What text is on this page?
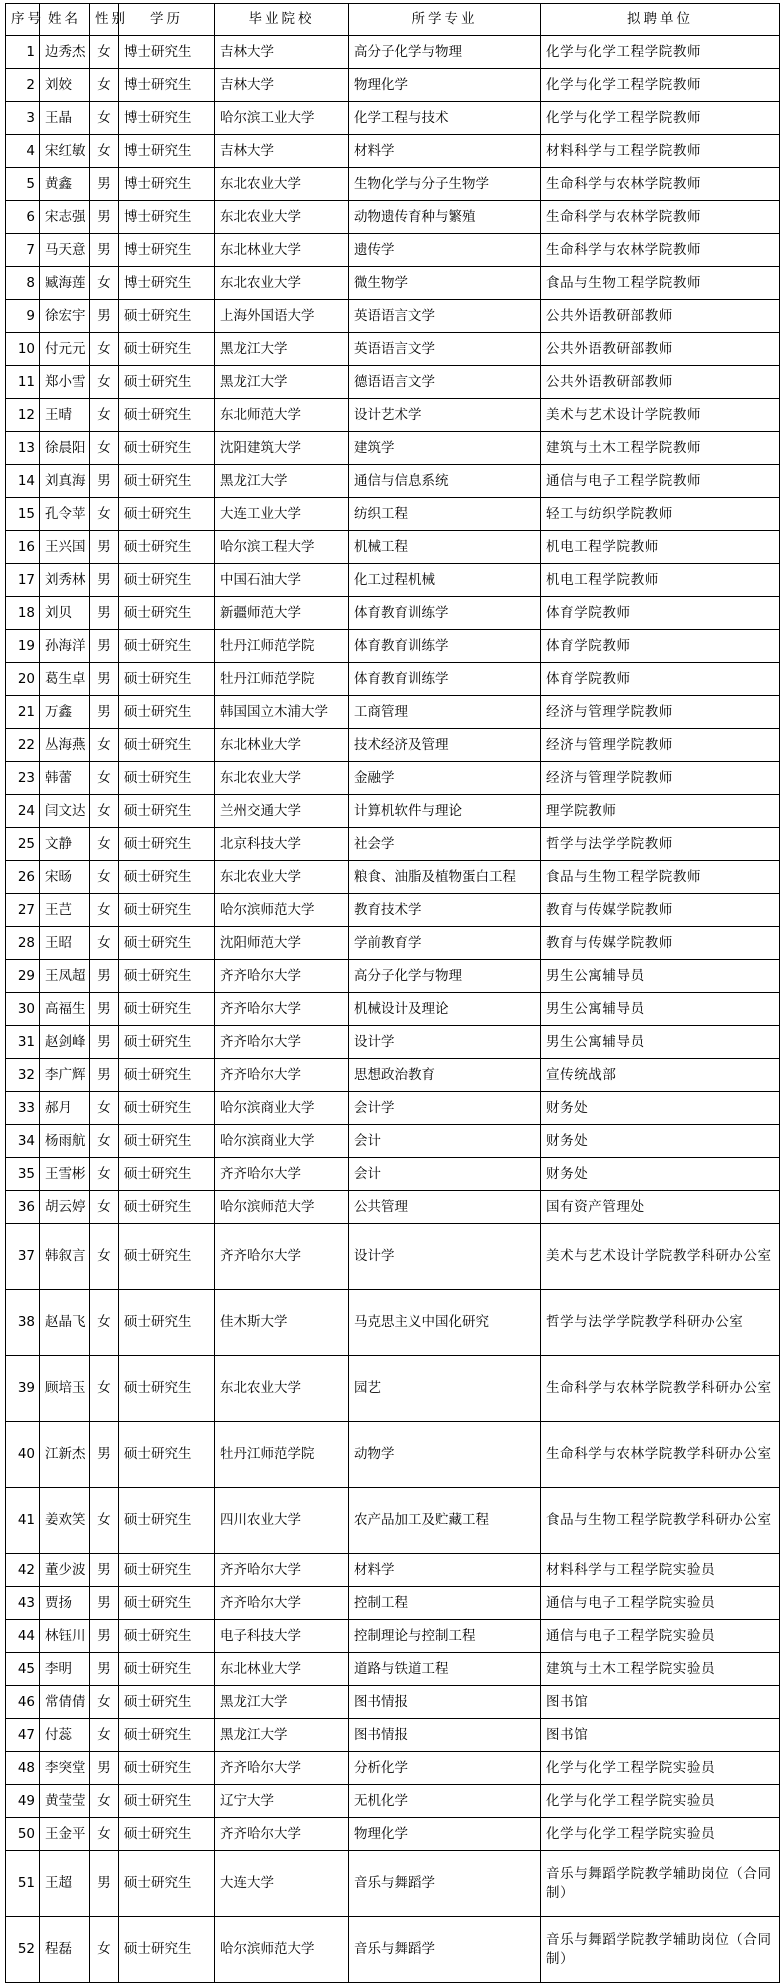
序号	姓名	性别	学历	毕业院校	所学专业	拟聘单位
1	边秀杰	女	博士研究生	吉林大学	高分子化学与物理	化学与化学工程学院教师
2	刘姣	女	博士研究生	吉林大学	物理化学	化学与化学工程学院教师
3	王晶	女	博士研究生	哈尔滨工业大学	化学工程与技术	化学与化学工程学院教师
4	宋红敏	女	博士研究生	吉林大学	材料学	材料科学与工程学院教师
5	黄鑫	男	博士研究生	东北农业大学	生物化学与分子生物学	生命科学与农林学院教师
6	宋志强	男	博士研究生	东北农业大学	动物遗传育种与繁殖	生命科学与农林学院教师
7	马天意	男	博士研究生	东北林业大学	遗传学	生命科学与农林学院教师
8	臧海莲	女	博士研究生	东北农业大学	微生物学	食品与生物工程学院教师
9	徐宏宇	男	硕士研究生	上海外国语大学	英语语言文学	公共外语教研部教师
10	付元元	女	硕士研究生	黑龙江大学	英语语言文学	公共外语教研部教师
11	郑小雪	女	硕士研究生	黑龙江大学	德语语言文学	公共外语教研部教师
12	王晴	女	硕士研究生	东北师范大学	设计艺术学	美术与艺术设计学院教师
13	徐晨阳	女	硕士研究生	沈阳建筑大学	建筑学	建筑与土木工程学院教师
14	刘真海	男	硕士研究生	黑龙江大学	通信与信息系统	通信与电子工程学院教师
15	孔令苹	女	硕士研究生	大连工业大学	纺织工程	轻工与纺织学院教师
16	王兴国	男	硕士研究生	哈尔滨工程大学	机械工程	机电工程学院教师
17	刘秀林	男	硕士研究生	中国石油大学	化工过程机械	机电工程学院教师
18	刘贝	男	硕士研究生	新疆师范大学	体育教育训练学	体育学院教师
19	孙海洋	男	硕士研究生	牡丹江师范学院	体育教育训练学	体育学院教师
20	葛生卓	男	硕士研究生	牡丹江师范学院	体育教育训练学	体育学院教师
21	万鑫	男	硕士研究生	韩国国立木浦大学	工商管理	经济与管理学院教师
22	丛海燕	女	硕士研究生	东北林业大学	技术经济及管理	经济与管理学院教师
23	韩蕾	女	硕士研究生	东北农业大学	金融学	经济与管理学院教师
24	闫文达	女	硕士研究生	兰州交通大学	计算机软件与理论	理学院教师
25	文静	女	硕士研究生	北京科技大学	社会学	哲学与法学学院教师
26	宋旸	女	硕士研究生	东北农业大学	粮食、油脂及植物蛋白工程	食品与生物工程学院教师
27	王芑	女	硕士研究生	哈尔滨师范大学	教育技术学	教育与传媒学院教师
28	王昭	女	硕士研究生	沈阳师范大学	学前教育学	教育与传媒学院教师
29	王凤超	男	硕士研究生	齐齐哈尔大学	高分子化学与物理	男生公寓辅导员
30	高福生	男	硕士研究生	齐齐哈尔大学	机械设计及理论	男生公寓辅导员
31	赵剑峰	男	硕士研究生	齐齐哈尔大学	设计学	男生公寓辅导员
32	李广辉	男	硕士研究生	齐齐哈尔大学	思想政治教育	宣传统战部
33	郝月	女	硕士研究生	哈尔滨商业大学	会计学	财务处
34	杨雨航	女	硕士研究生	哈尔滨商业大学	会计	财务处
35	王雪彬	女	硕士研究生	齐齐哈尔大学	会计	财务处
36	胡云婷	女	硕士研究生	哈尔滨师范大学	公共管理	国有资产管理处
37	韩叙言	女	硕士研究生	齐齐哈尔大学	设计学	美术与艺术设计学院教学科研办公室
38	赵晶飞	女	硕士研究生	佳木斯大学	马克思主义中国化研究	哲学与法学学院教学科研办公室
39	顾培玉	女	硕士研究生	东北农业大学	园艺	生命科学与农林学院教学科研办公室
40	江新杰	男	硕士研究生	牡丹江师范学院	动物学	生命科学与农林学院教学科研办公室
41	姜欢笑	女	硕士研究生	四川农业大学	农产品加工及贮藏工程	食品与生物工程学院教学科研办公室
42	董少波	男	硕士研究生	齐齐哈尔大学	材料学	材料科学与工程学院实验员
43	贾扬	男	硕士研究生	齐齐哈尔大学	控制工程	通信与电子工程学院实验员
44	林钰川	男	硕士研究生	电子科技大学	控制理论与控制工程	通信与电子工程学院实验员
45	李明	男	硕士研究生	东北林业大学	道路与铁道工程	建筑与土木工程学院实验员
46	常倩倩	女	硕士研究生	黑龙江大学	图书情报	图书馆
47	付蕊	女	硕士研究生	黑龙江大学	图书情报	图书馆
48	李突堂	男	硕士研究生	齐齐哈尔大学	分析化学	化学与化学工程学院实验员
49	黄莹莹	女	硕士研究生	辽宁大学	无机化学	化学与化学工程学院实验员
50	王金平	女	硕士研究生	齐齐哈尔大学	物理化学	化学与化学工程学院实验员
51	王超	男	硕士研究生	大连大学	音乐与舞蹈学	音乐与舞蹈学院教学辅助岗位（合同制）
52	程磊	女	硕士研究生	哈尔滨师范大学	音乐与舞蹈学	音乐与舞蹈学院教学辅助岗位（合同制）
